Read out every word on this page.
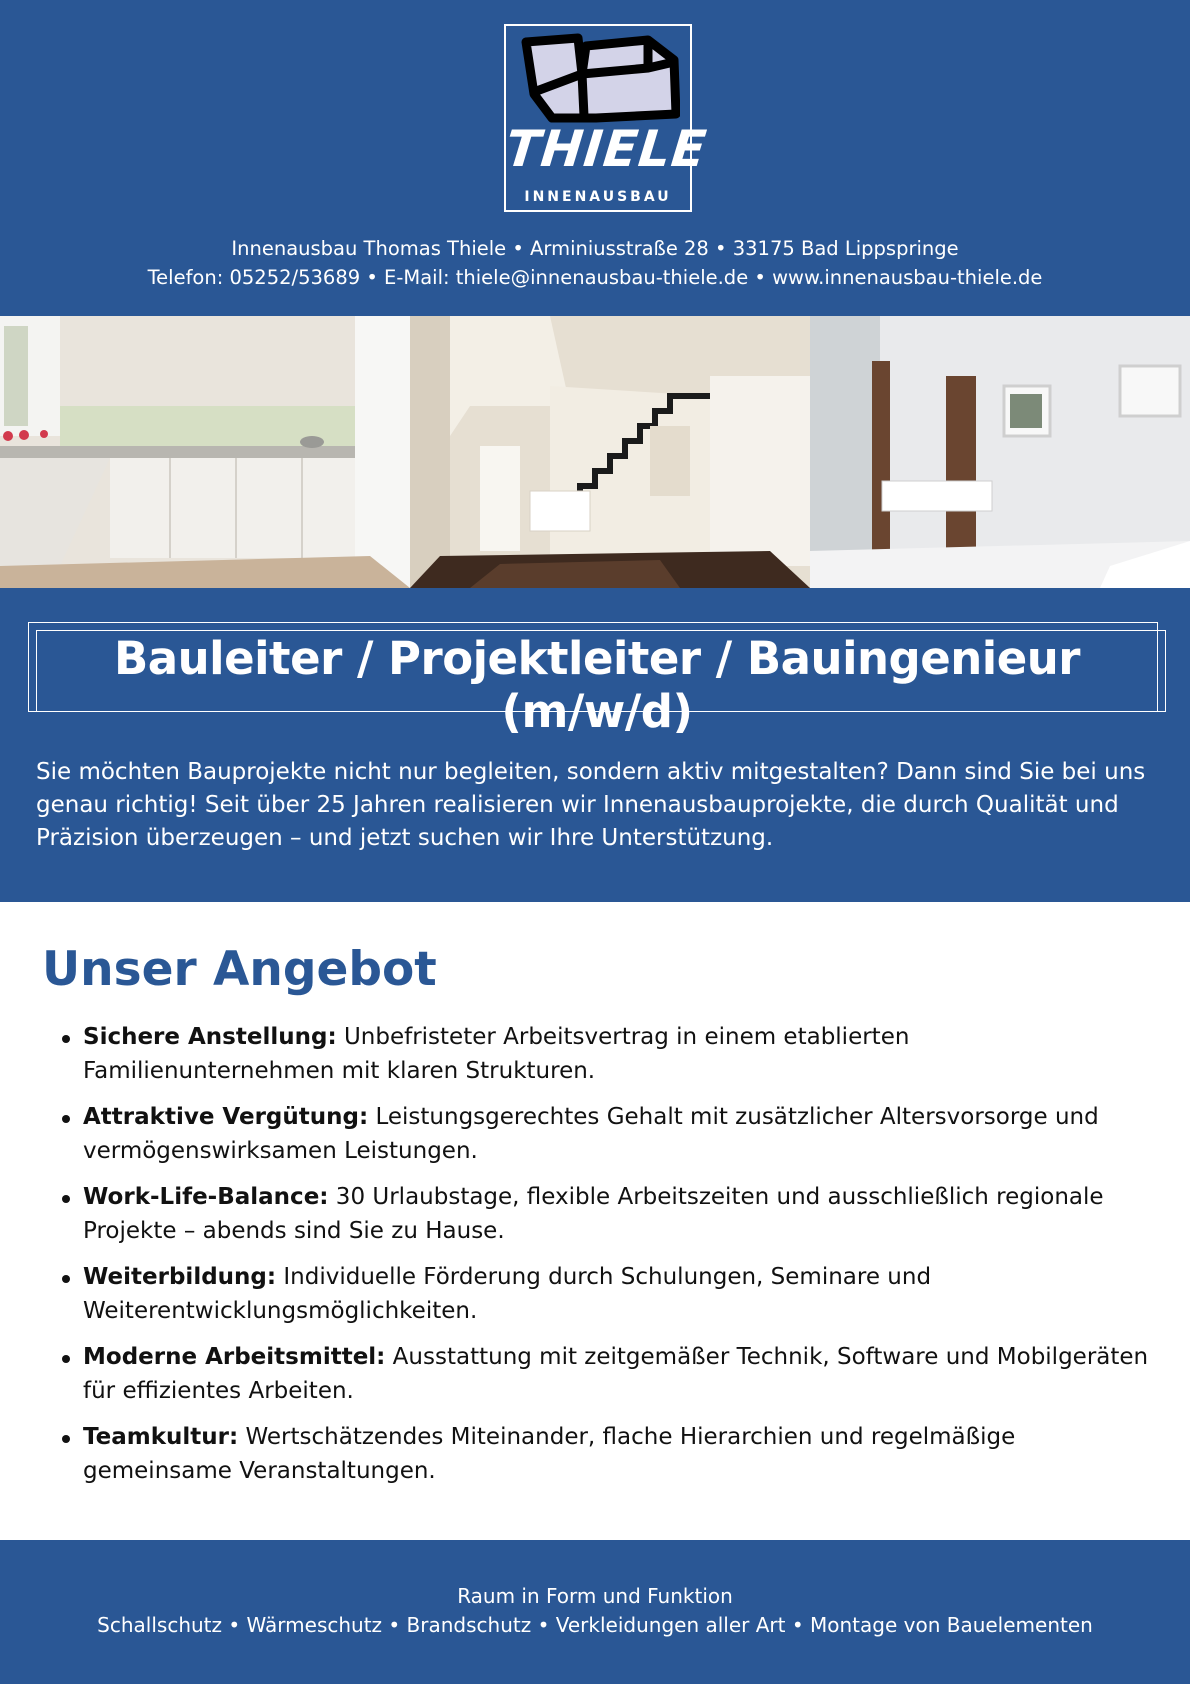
THIELE
INNENAUSBAU
Innenausbau Thomas Thiele • Arminiusstraße 28 • 33175 Bad Lippspringe
Telefon: 05252/53689 • E-Mail: thiele@innenausbau-thiele.de • www.innenausbau-thiele.de
Bauleiter / Projektleiter / Bauingenieur (m/w/d)
Sie möchten Bauprojekte nicht nur begleiten, sondern aktiv mitgestalten? Dann sind Sie bei uns genau richtig! Seit über 25 Jahren realisieren wir Innenausbauprojekte, die durch Qualität und Präzision überzeugen – und jetzt suchen wir Ihre Unterstützung.
Unser Angebot
Sichere Anstellung: Unbefristeter Arbeitsvertrag in einem etablierten Familienunternehmen mit klaren Strukturen.
Attraktive Vergütung: Leistungsgerechtes Gehalt mit zusätzlicher Altersvorsorge und vermögenswirksamen Leistungen.
Work-Life-Balance: 30 Urlaubstage, flexible Arbeitszeiten und ausschließlich regionale Projekte – abends sind Sie zu Hause.
Weiterbildung: Individuelle Förderung durch Schulungen, Seminare und Weiterentwicklungsmöglichkeiten.
Moderne Arbeitsmittel: Ausstattung mit zeitgemäßer Technik, Software und Mobilgeräten für effizientes Arbeiten.
Teamkultur: Wertschätzendes Miteinander, flache Hierarchien und regelmäßige gemeinsame Veranstaltungen.
Raum in Form und Funktion
Schallschutz • Wärmeschutz • Brandschutz • Verkleidungen aller Art • Montage von Bauelementen
